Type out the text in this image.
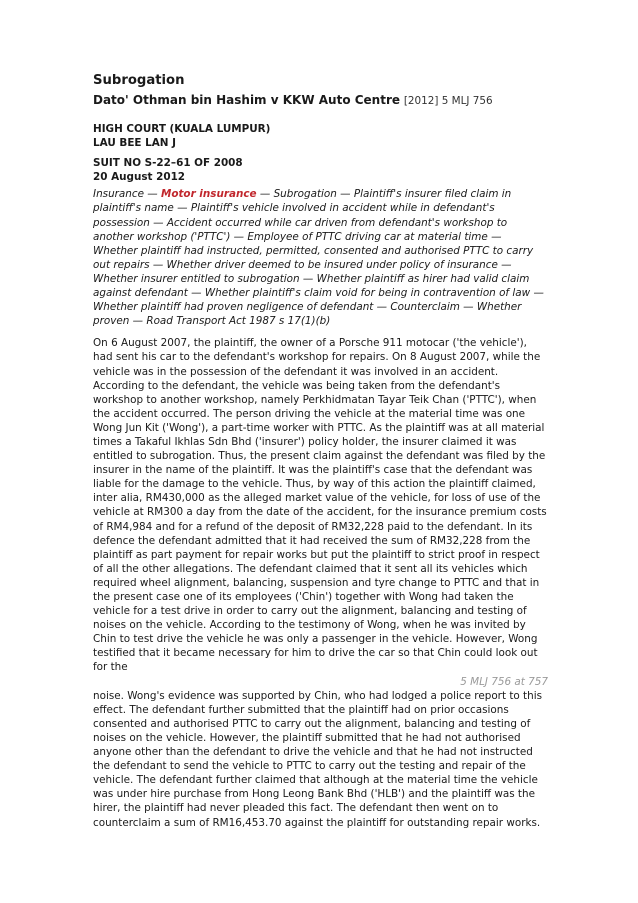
Subrogation
Dato' Othman bin Hashim v KKW Auto Centre [2012] 5 MLJ 756
HIGH COURT (KUALA LUMPUR)
LAU BEE LAN J
SUIT NO S-22–61 OF 2008
20 August 2012
Insurance — Motor insurance — Subrogation — Plaintiff's insurer filed claim in plaintiff's name — Plaintiff's vehicle involved in accident while in defendant's possession — Accident occurred while car driven from defendant's workshop to another workshop ('PTTC') — Employee of PTTC driving car at material time — Whether plaintiff had instructed, permitted, consented and authorised PTTC to carry out repairs — Whether driver deemed to be insured under policy of insurance — Whether insurer entitled to subrogation — Whether plaintiff as hirer had valid claim against defendant — Whether plaintiff's claim void for being in contravention of law — Whether plaintiff had proven negligence of defendant — Counterclaim — Whether proven — Road Transport Act 1987 s 17(1)(b)

On 6 August 2007, the plaintiff, the owner of a Porsche 911 motocar ('the vehicle'), had sent his car to the defendant's workshop for repairs. On 8 August 2007, while the vehicle was in the possession of the defendant it was involved in an accident. According to the defendant, the vehicle was being taken from the defendant's workshop to another workshop, namely Perkhidmatan Tayar Teik Chan ('PTTC'), when the accident occurred. The person driving the vehicle at the material time was one Wong Jun Kit ('Wong'), a part-time worker with PTTC. As the plaintiff was at all material times a Takaful Ikhlas Sdn Bhd ('insurer') policy holder, the insurer claimed it was entitled to subrogation. Thus, the present claim against the defendant was filed by the insurer in the name of the plaintiff. It was the plaintiff's case that the defendant was liable for the damage to the vehicle. Thus, by way of this action the plaintiff claimed, inter alia, RM430,000 as the alleged market value of the vehicle, for loss of use of the vehicle at RM300 a day from the date of the accident, for the insurance premium costs of RM4,984 and for a refund of the deposit of RM32,228 paid to the defendant. In its defence the defendant admitted that it had received the sum of RM32,228 from the plaintiff as part payment for repair works but put the plaintiff to strict proof in respect of all the other allegations. The defendant claimed that it sent all its vehicles which required wheel alignment, balancing, suspension and tyre change to PTTC and that in the present case one of its employees ('Chin') together with Wong had taken the vehicle for a test drive in order to carry out the alignment, balancing and testing of noises on the vehicle. According to the testimony of Wong, when he was invited by Chin to test drive the vehicle he was only a passenger in the vehicle. However, Wong testified that it became necessary for him to drive the car so that Chin could look out for the

5 MLJ 756 at 757

noise. Wong's evidence was supported by Chin, who had lodged a police report to this effect. The defendant further submitted that the plaintiff had on prior occasions consented and authorised PTTC to carry out the alignment, balancing and testing of noises on the vehicle. However, the plaintiff submitted that he had not authorised anyone other than the defendant to drive the vehicle and that he had not instructed the defendant to send the vehicle to PTTC to carry out the testing and repair of the vehicle. The defendant further claimed that although at the material time the vehicle was under hire purchase from Hong Leong Bank Bhd ('HLB') and the plaintiff was the hirer, the plaintiff had never pleaded this fact. The defendant then went on to counterclaim a sum of RM16,453.70 against the plaintiff for outstanding repair works.
